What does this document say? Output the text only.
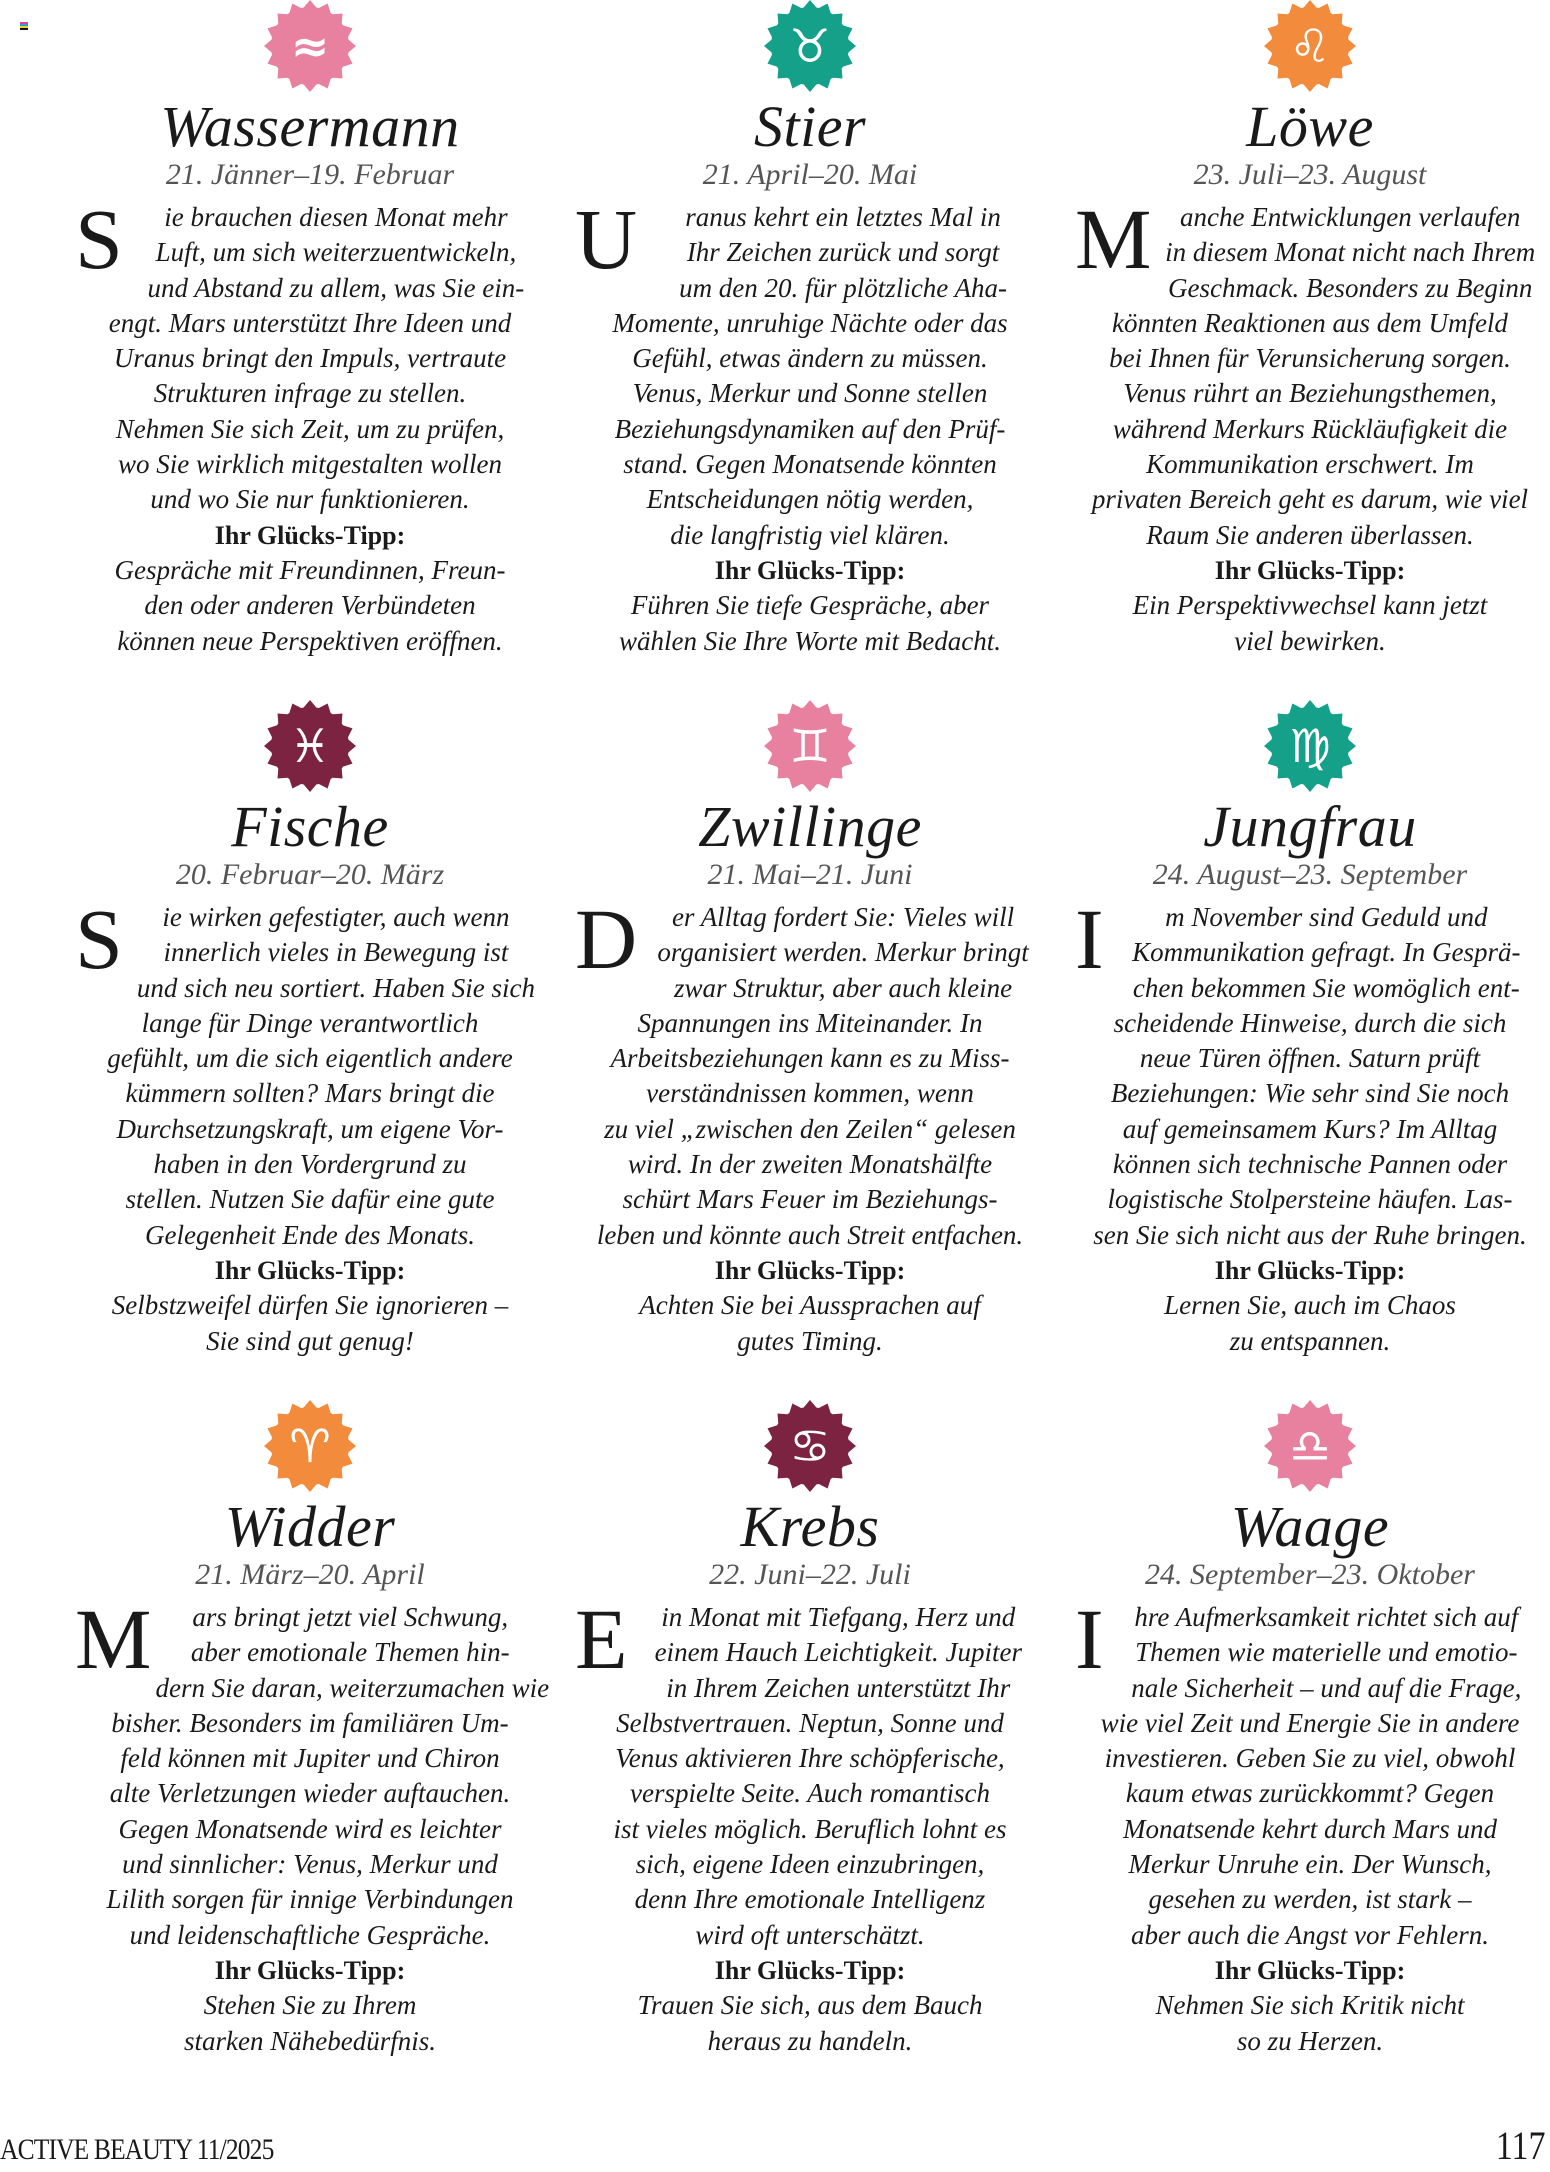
≈
Wassermann
21. Jänner–19. Februar
S	ie brauchen diesen Monat mehr
Luft, um sich weiterzuentwickeln,
und Abstand zu allem, was Sie ein-
engt. Mars unterstützt Ihre Ideen und
Uranus bringt den Impuls, vertraute
Strukturen infrage zu stellen.
Nehmen Sie sich Zeit, um zu prüfen,
wo Sie wirklich mitgestalten wollen
und wo Sie nur funktionieren.
Ihr Glücks-Tipp:
Gespräche mit Freundinnen, Freun-
den oder anderen Verbündeten
können neue Perspektiven eröffnen.
♉
Stier
21. April–20. Mai
U	ranus kehrt ein letztes Mal in
Ihr Zeichen zurück und sorgt
um den 20. für plötzliche Aha-
Momente, unruhige Nächte oder das
Gefühl, etwas ändern zu müssen.
Venus, Merkur und Sonne stellen
Beziehungsdynamiken auf den Prüf-
stand. Gegen Monatsende könnten
Entscheidungen nötig werden,
die langfristig viel klären.
Ihr Glücks-Tipp:
Führen Sie tiefe Gespräche, aber
wählen Sie Ihre Worte mit Bedacht.
♌
Löwe
23. Juli–23. August
M	anche Entwicklungen verlaufen
in diesem Monat nicht nach Ihrem
Geschmack. Besonders zu Beginn
könnten Reaktionen aus dem Umfeld
bei Ihnen für Verunsicherung sorgen.
Venus rührt an Beziehungsthemen,
während Merkurs Rückläufigkeit die
Kommunikation erschwert. Im
privaten Bereich geht es darum, wie viel
Raum Sie anderen überlassen.
Ihr Glücks-Tipp:
Ein Perspektivwechsel kann jetzt
viel bewirken.
♓
Fische
20. Februar–20. März
S	ie wirken gefestigter, auch wenn
innerlich vieles in Bewegung ist
und sich neu sortiert. Haben Sie sich
lange für Dinge verantwortlich
gefühlt, um die sich eigentlich andere
kümmern sollten? Mars bringt die
Durchsetzungskraft, um eigene Vor-
haben in den Vordergrund zu
stellen. Nutzen Sie dafür eine gute
Gelegenheit Ende des Monats.
Ihr Glücks-Tipp:
Selbstzweifel dürfen Sie ignorieren –
Sie sind gut genug!
♊
Zwillinge
21. Mai–21. Juni
D	er Alltag fordert Sie: Vieles will
organisiert werden. Merkur bringt
zwar Struktur, aber auch kleine
Spannungen ins Miteinander. In
Arbeitsbeziehungen kann es zu Miss-
verständnissen kommen, wenn
zu viel „zwischen den Zeilen“ gelesen
wird. In der zweiten Monatshälfte
schürt Mars Feuer im Beziehungs-
leben und könnte auch Streit entfachen.
Ihr Glücks-Tipp:
Achten Sie bei Aussprachen auf
gutes Timing.
♍
Jungfrau
24. August–23. September
I	m November sind Geduld und
Kommunikation gefragt. In Gesprä-
chen bekommen Sie womöglich ent-
scheidende Hinweise, durch die sich
neue Türen öffnen. Saturn prüft
Beziehungen: Wie sehr sind Sie noch
auf gemeinsamem Kurs? Im Alltag
können sich technische Pannen oder
logistische Stolpersteine häufen. Las-
sen Sie sich nicht aus der Ruhe bringen.
Ihr Glücks-Tipp:
Lernen Sie, auch im Chaos
zu entspannen.
♈
Widder
21. März–20. April
M	ars bringt jetzt viel Schwung,
aber emotionale Themen hin-
dern Sie daran, weiterzumachen wie
bisher. Besonders im familiären Um-
feld können mit Jupiter und Chiron
alte Verletzungen wieder auftauchen.
Gegen Monatsende wird es leichter
und sinnlicher: Venus, Merkur und
Lilith sorgen für innige Verbindungen
und leidenschaftliche Gespräche.
Ihr Glücks-Tipp:
Stehen Sie zu Ihrem
starken Nähebedürfnis.
♋
Krebs
22. Juni–22. Juli
E	in Monat mit Tiefgang, Herz und
einem Hauch Leichtigkeit. Jupiter
in Ihrem Zeichen unterstützt Ihr
Selbstvertrauen. Neptun, Sonne und
Venus aktivieren Ihre schöpferische,
verspielte Seite. Auch romantisch
ist vieles möglich. Beruflich lohnt es
sich, eigene Ideen einzubringen,
denn Ihre emotionale Intelligenz
wird oft unterschätzt.
Ihr Glücks-Tipp:
Trauen Sie sich, aus dem Bauch
heraus zu handeln.
♎
Waage
24. September–23. Oktober
I	hre Aufmerksamkeit richtet sich auf
Themen wie materielle und emotio-
nale Sicherheit – und auf die Frage,
wie viel Zeit und Energie Sie in andere
investieren. Geben Sie zu viel, obwohl
kaum etwas zurückkommt? Gegen
Monatsende kehrt durch Mars und
Merkur Unruhe ein. Der Wunsch,
gesehen zu werden, ist stark –
aber auch die Angst vor Fehlern.
Ihr Glücks-Tipp:
Nehmen Sie sich Kritik nicht
so zu Herzen.
ACTIVE BEAUTY 11/2025	117
